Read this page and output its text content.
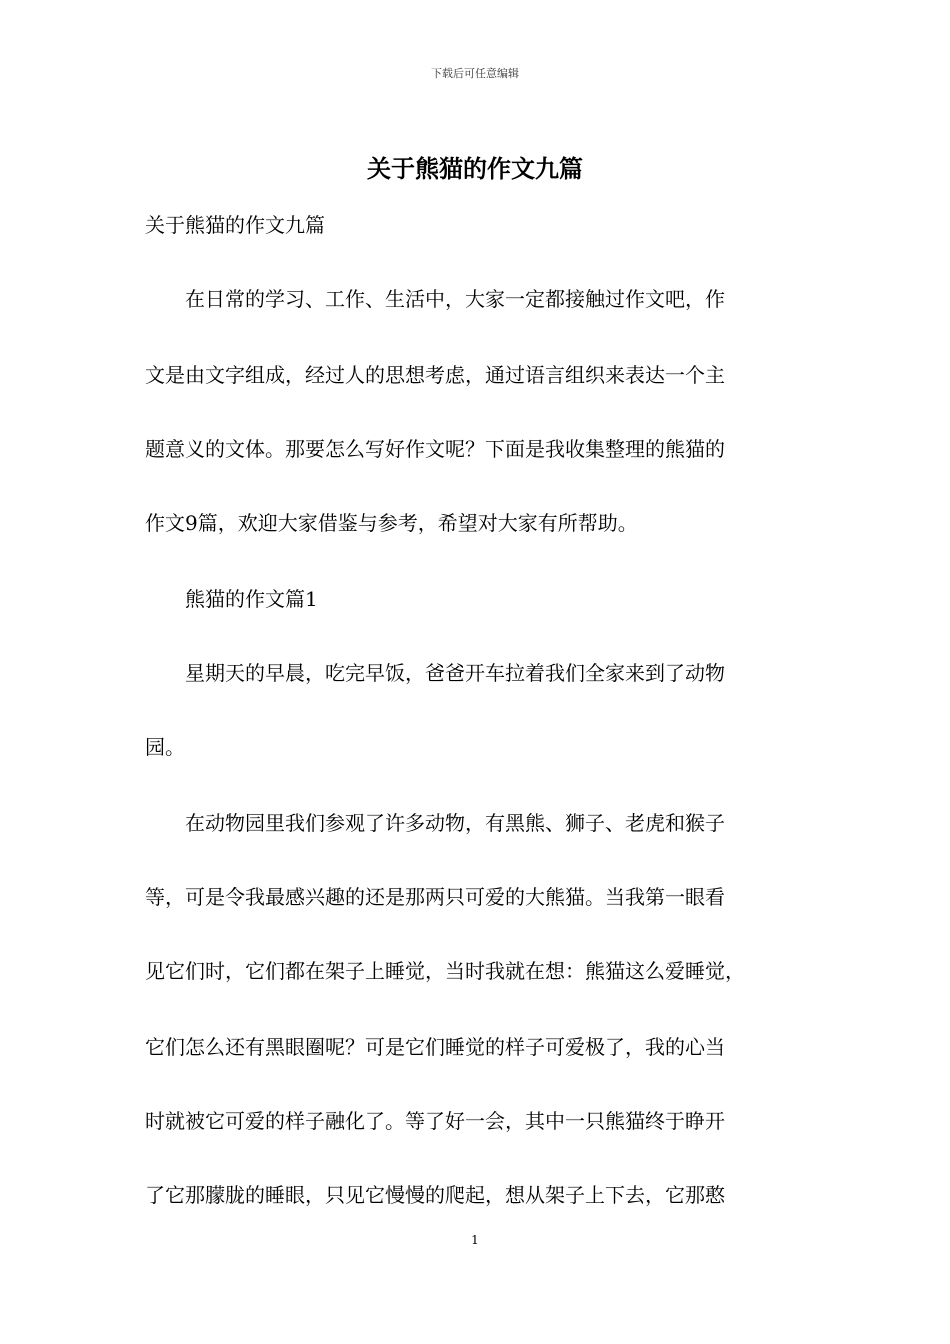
下载后可任意编辑
关于熊猫的作文九篇
关于熊猫的作文九篇
　　在日常的学习、工作、生活中，大家一定都接触过作文吧，作
文是由文字组成，经过人的思想考虑，通过语言组织来表达一个主
题意义的文体。那要怎么写好作文呢？下面是我收集整理的熊猫的
作文9篇，欢迎大家借鉴与参考，希望对大家有所帮助。
　　熊猫的作文篇1
　　星期天的早晨，吃完早饭，爸爸开车拉着我们全家来到了动物
园。
　　在动物园里我们参观了许多动物，有黑熊、狮子、老虎和猴子
等，可是令我最感兴趣的还是那两只可爱的大熊猫。当我第一眼看
见它们时，它们都在架子上睡觉，当时我就在想：熊猫这么爱睡觉，
它们怎么还有黑眼圈呢？可是它们睡觉的样子可爱极了，我的心当
时就被它可爱的样子融化了。等了好一会，其中一只熊猫终于睁开
了它那朦胧的睡眼，只见它慢慢的爬起，想从架子上下去，它那憨
1
